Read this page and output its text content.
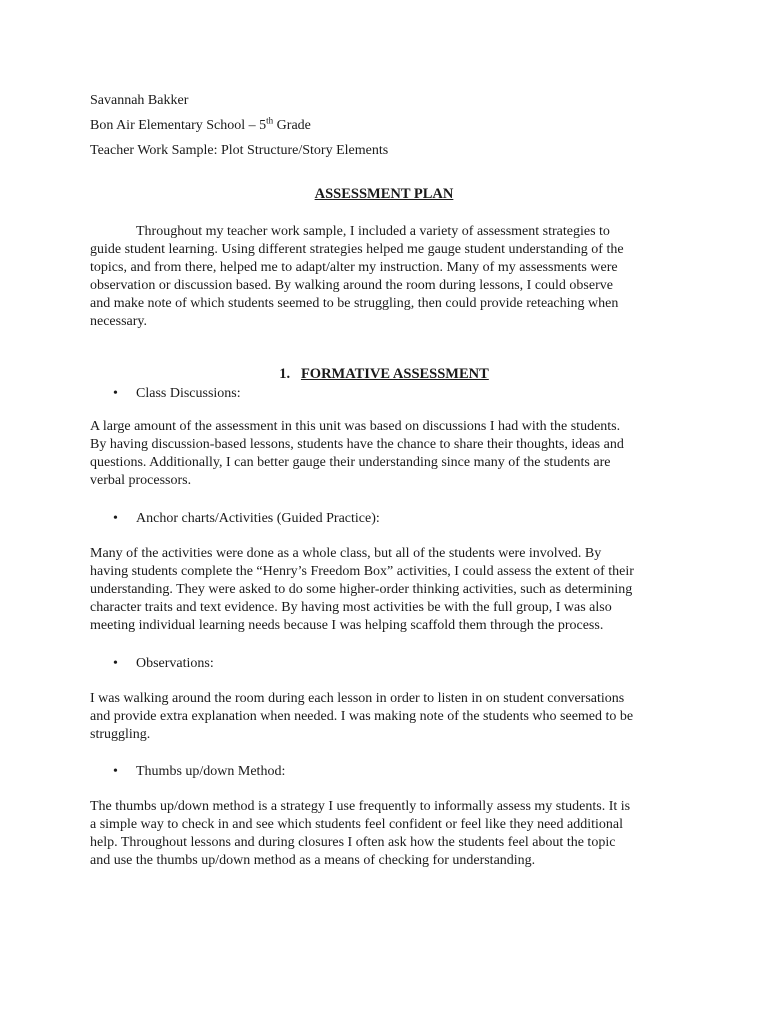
Savannah Bakker
Bon Air Elementary School – 5th Grade
Teacher Work Sample: Plot Structure/Story Elements
ASSESSMENT PLAN
Throughout my teacher work sample, I included a variety of assessment strategies to
guide student learning. Using different strategies helped me gauge student understanding of the
topics, and from there, helped me to adapt/alter my instruction. Many of my assessments were
observation or discussion based. By walking around the room during lessons, I could observe
and make note of which students seemed to be struggling, then could provide reteaching when
necessary.
1. FORMATIVE ASSESSMENT
• Class Discussions:
A large amount of the assessment in this unit was based on discussions I had with the students.
By having discussion-based lessons, students have the chance to share their thoughts, ideas and
questions. Additionally, I can better gauge their understanding since many of the students are
verbal processors.
• Anchor charts/Activities (Guided Practice):
Many of the activities were done as a whole class, but all of the students were involved. By
having students complete the “Henry’s Freedom Box” activities, I could assess the extent of their
understanding. They were asked to do some higher-order thinking activities, such as determining
character traits and text evidence. By having most activities be with the full group, I was also
meeting individual learning needs because I was helping scaffold them through the process.
• Observations:
I was walking around the room during each lesson in order to listen in on student conversations
and provide extra explanation when needed. I was making note of the students who seemed to be
struggling.
• Thumbs up/down Method:
The thumbs up/down method is a strategy I use frequently to informally assess my students. It is
a simple way to check in and see which students feel confident or feel like they need additional
help. Throughout lessons and during closures I often ask how the students feel about the topic
and use the thumbs up/down method as a means of checking for understanding.
